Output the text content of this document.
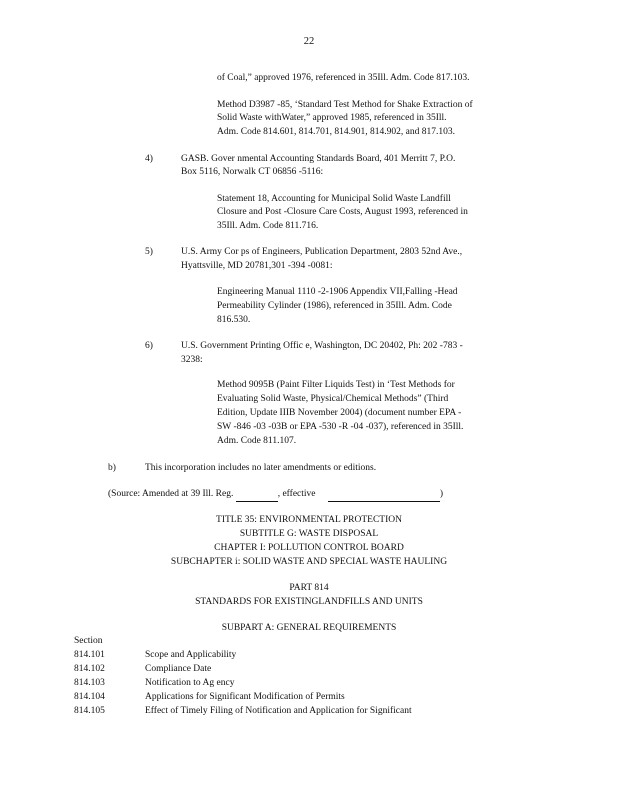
22
of Coal,” approved 1976, referenced in 35Ill. Adm. Code 817.103.
Method D3987 -85, ‘Standard Test Method for Shake Extraction of
Solid Waste withWater,” approved 1985, referenced in 35Ill.
Adm. Code 814.601, 814.701, 814.901, 814.902, and 817.103.
4)	GASB. Gover nmental Accounting Standards Board, 401 Merritt 7, P.O.
Box 5116, Norwalk CT 06856 -5116:
Statement 18, Accounting for Municipal Solid Waste Landfill
Closure and Post -Closure Care Costs, August 1993, referenced in
35Ill. Adm. Code 811.716.
5)	U.S. Army Cor ps of Engineers, Publication Department, 2803 52nd Ave.,
Hyattsville, MD 20781,301 -394 -0081:
Engineering Manual 1110 -2-1906 Appendix VII,Falling -Head
Permeability Cylinder (1986), referenced in 35Ill. Adm. Code
816.530.
6)	U.S. Government Printing Offic e, Washington, DC 20402, Ph: 202 -783 -
3238:
Method 9095B (Paint Filter Liquids Test) in ‘Test Methods for
Evaluating Solid Waste, Physical/Chemical Methods” (Third
Edition, Update IIIB November 2004) (document number EPA -
SW -846 -03 -03B or EPA -530 -R -04 -037), referenced in 35Ill.
Adm. Code 811.107.
b)	This incorporation includes no later amendments or editions.
(Source: Amended at 39 Ill. Reg.	, effective	)
TITLE 35: ENVIRONMENTAL PROTECTION
SUBTITLE G: WASTE DISPOSAL
CHAPTER I: POLLUTION CONTROL BOARD
SUBCHAPTER i: SOLID WASTE AND SPECIAL WASTE HAULING
PART 814
STANDARDS FOR EXISTINGLANDFILLS AND UNITS
SUBPART A: GENERAL REQUIREMENTS
Section
814.101	Scope and Applicability
814.102	Compliance Date
814.103	Notification to Ag ency
814.104	Applications for Significant Modification of Permits
814.105	Effect of Timely Filing of Notification and Application for Significant
